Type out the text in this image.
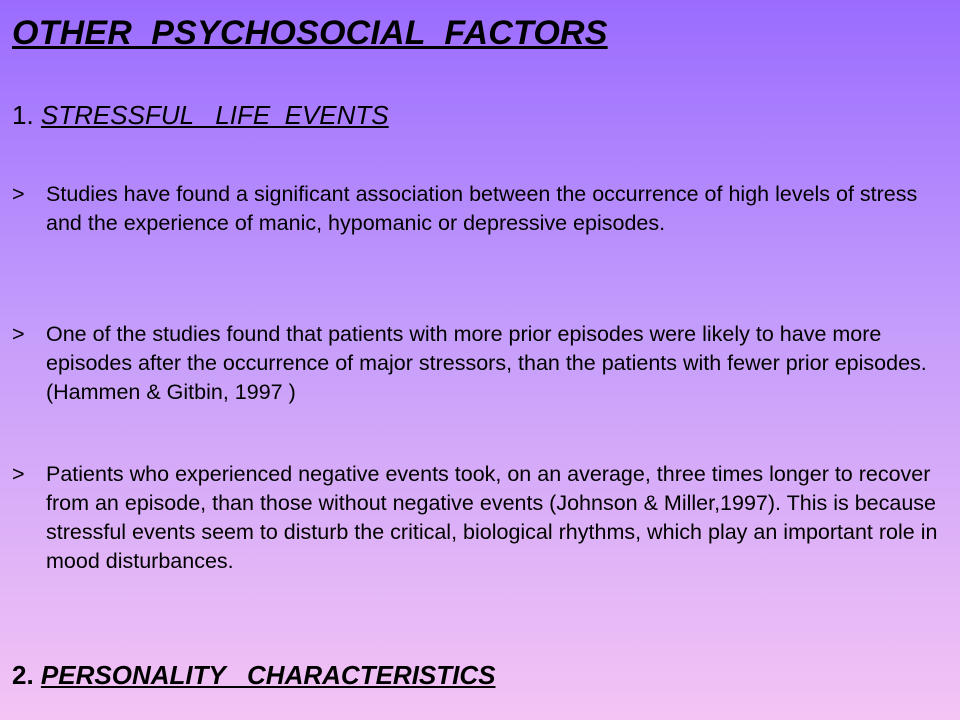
OTHER  PSYCHOSOCIAL  FACTORS
1. STRESSFUL   LIFE  EVENTS
> Studies have found a significant association between the occurrence of high levels of stress and the experience of manic, hypomanic or depressive episodes.
> One of the studies found that patients with more prior episodes were likely to have more episodes after the occurrence of major stressors, than the patients with fewer prior episodes. (Hammen & Gitbin, 1997 )
> Patients who experienced negative events took, on an average, three times longer to recover from an episode, than those without negative events (Johnson & Miller,1997). This is because stressful events seem to disturb the critical, biological rhythms, which play an important role in mood disturbances.
2. PERSONALITY   CHARACTERISTICS
